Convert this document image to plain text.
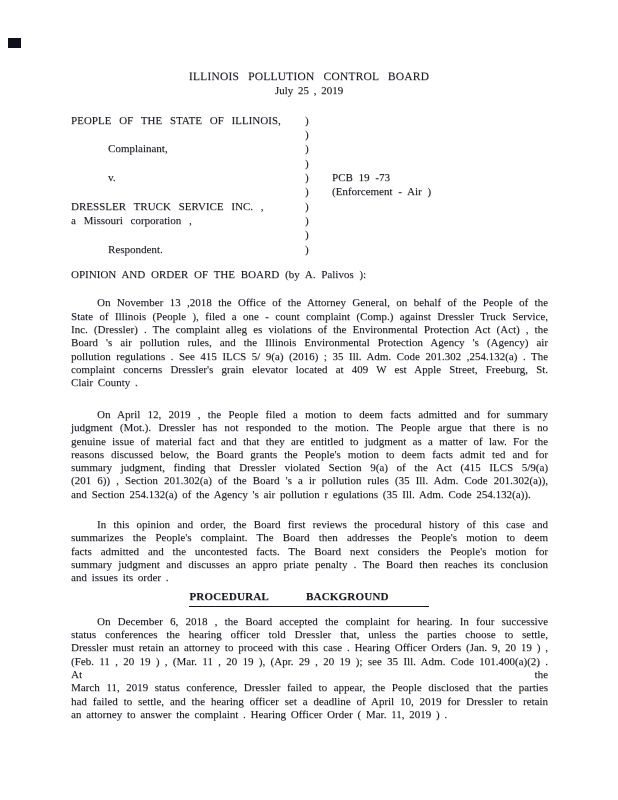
ILLINOIS POLLUTION CONTROL BOARD
July 25 , 2019
PEOPLE OF THE STATE OF ILLINOIS,	)
)
Complainant,	)
)
v.	)	PCB 19 -73
)	(Enforcement - Air )
DRESSLER TRUCK SERVICE INC. ,	)
a Missouri corporation ,	)
)
Respondent.	)
OPINION AND ORDER OF THE BOARD (by A. Palivos ):
On November 13 ,2018 the Office of the Attorney General, on behalf of the People of the
State of Illinois (People ), filed a one - count complaint (Comp.) against Dressler Truck Service,
Inc. (Dressler) . The complaint alleg es violations of the Environmental Protection Act (Act) , the
Board 's air pollution rules, and the Illinois Environmental Protection Agency 's (Agency) air
pollution regulations . See 415 ILCS 5/ 9(a) (2016) ; 35 Ill. Adm. Code 201.302 ,254.132(a) . The
complaint concerns Dressler's grain elevator located at 409 W est Apple Street, Freeburg, St.
Clair County .
On April 12, 2019 , the People filed a motion to deem facts admitted and for summary
judgment (Mot.). Dressler has not responded to the motion. The People argue that there is no
genuine issue of material fact and that they are entitled to judgment as a matter of law. For the
reasons discussed below, the Board grants the People's motion to deem facts admit ted and for
summary judgment, finding that Dressler violated Section 9(a) of the Act (415 ILCS 5/9(a)
(201 6)) , Section 201.302(a) of the Board 's a ir pollution rules (35 Ill. Adm. Code 201.302(a)),
and Section 254.132(a) of the Agency 's air pollution r egulations (35 Ill. Adm. Code 254.132(a)).
In this opinion and order, the Board first reviews the procedural history of this case and
summarizes the People's complaint. The Board then addresses the People's motion to deem
facts admitted and the uncontested facts. The Board next considers the People's motion for
summary judgment and discusses an appro priate penalty . The Board then reaches its conclusion
and issues its order .
PROCEDURAL	BACKGROUND
On December 6, 2018 , the Board accepted the complaint for hearing. In four successive
status conferences the hearing officer told Dressler that, unless the parties choose to settle,
Dressler must retain an attorney to proceed with this case . Hearing Officer Orders (Jan. 9, 20 19 ) ,
(Feb. 11 , 20 19 ) , (Mar. 11 , 20 19 ), (Apr. 29 , 20 19 ); see 35 Ill. Adm. Code 101.400(a)(2) . At the
March 11, 2019 status conference, Dressler failed to appear, the People disclosed that the parties
had failed to settle, and the hearing officer set a deadline of April 10, 2019 for Dressler to retain
an attorney to answer the complaint . Hearing Officer Order ( Mar. 11, 2019 ) .
